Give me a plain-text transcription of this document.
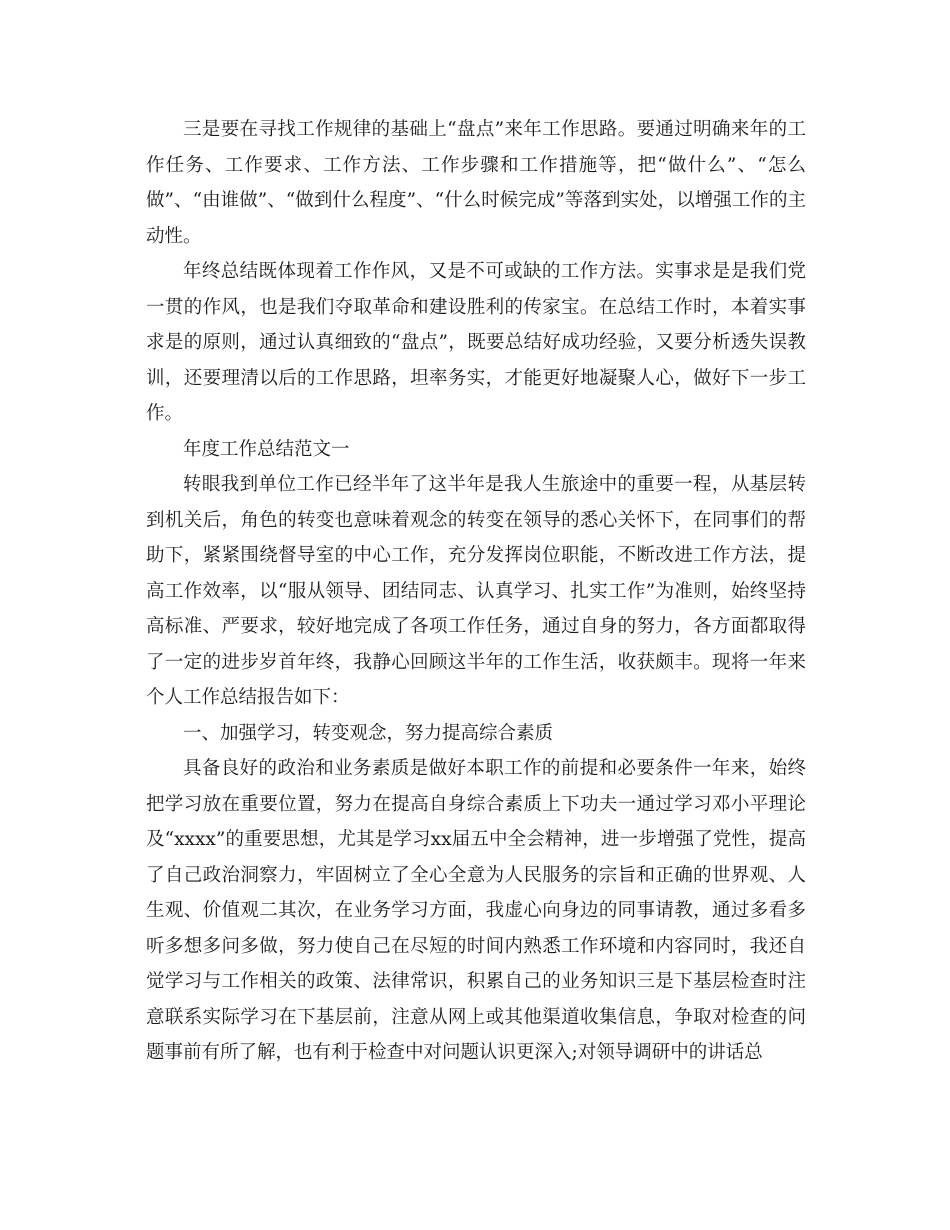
三是要在寻找工作规律的基础上“盘点”来年工作思路。要通过明确来年的工作任务、工作要求、工作方法、工作步骤和工作措施等，把“做什么”、“怎么做”、“由谁做”、“做到什么程度”、“什么时候完成”等落到实处，以增强工作的主动性。

年终总结既体现着工作作风，又是不可或缺的工作方法。实事求是是我们党一贯的作风，也是我们夺取革命和建设胜利的传家宝。在总结工作时，本着实事求是的原则，通过认真细致的“盘点”，既要总结好成功经验，又要分析透失误教训，还要理清以后的工作思路，坦率务实，才能更好地凝聚人心，做好下一步工作。

年度工作总结范文一

转眼我到单位工作已经半年了这半年是我人生旅途中的重要一程，从基层转到机关后，角色的转变也意味着观念的转变在领导的悉心关怀下，在同事们的帮助下，紧紧围绕督导室的中心工作，充分发挥岗位职能，不断改进工作方法，提高工作效率，以“服从领导、团结同志、认真学习、扎实工作”为准则，始终坚持高标准、严要求，较好地完成了各项工作任务，通过自身的努力，各方面都取得了一定的进步岁首年终，我静心回顾这半年的工作生活，收获颇丰。现将一年来个人工作总结报告如下：

一、加强学习，转变观念，努力提高综合素质

具备良好的政治和业务素质是做好本职工作的前提和必要条件一年来，始终把学习放在重要位置，努力在提高自身综合素质上下功夫一通过学习邓小平理论及“xxxx”的重要思想，尤其是学习xx届五中全会精神，进一步增强了党性，提高了自己政治洞察力，牢固树立了全心全意为人民服务的宗旨和正确的世界观、人生观、价值观二其次，在业务学习方面，我虚心向身边的同事请教，通过多看多听多想多问多做，努力使自己在尽短的时间内熟悉工作环境和内容同时，我还自觉学习与工作相关的政策、法律常识，积累自己的业务知识三是下基层检查时注意联系实际学习在下基层前，注意从网上或其他渠道收集信息，争取对检查的问题事前有所了解，也有利于检查中对问题认识更深入;对领导调研中的讲话总
